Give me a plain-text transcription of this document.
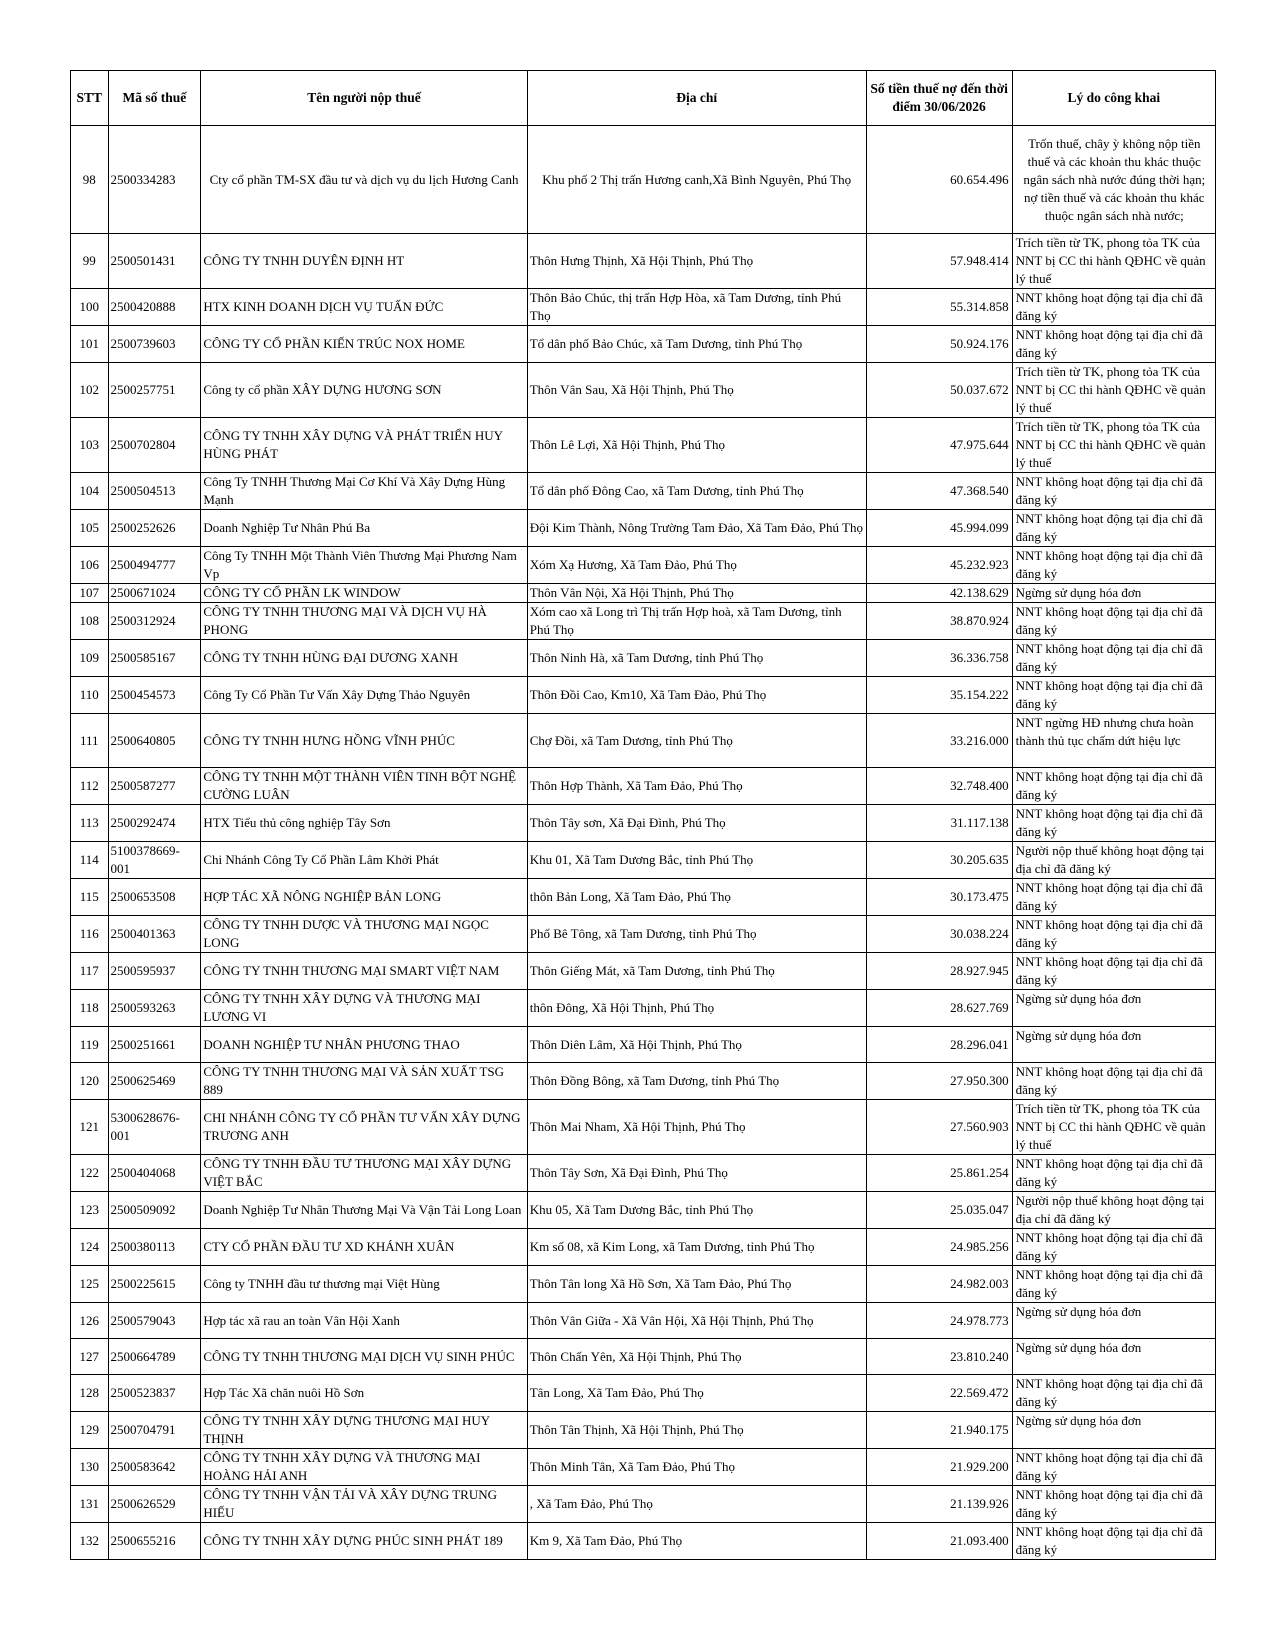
STT	Mã số thuế	Tên người nộp thuế	Địa chỉ	Số tiền thuế nợ đến thời điểm 30/06/2026	Lý do công khai
98	2500334283	Cty cổ phần TM-SX đầu tư và dịch vụ du lịch Hương Canh	Khu phố 2 Thị trấn Hương canh,Xã Bình Nguyên, Phú Thọ	60.654.496	Trốn thuế, chây ỳ không nộp tiền thuế và các khoản thu khác thuộc ngân sách nhà nước đúng thời hạn; nợ tiền thuế và các khoản thu khác thuộc ngân sách nhà nước;
99	2500501431	CÔNG TY TNHH DUYÊN ĐỊNH HT	Thôn Hưng Thịnh, Xã Hội Thịnh, Phú Thọ	57.948.414	Trích tiền từ TK, phong tỏa TK của NNT bị CC thi hành QĐHC về quản lý thuế
100	2500420888	HTX KINH DOANH DỊCH VỤ TUẤN ĐỨC	Thôn Bảo Chúc, thị trấn Hợp Hòa, xã Tam Dương, tỉnh Phú Thọ	55.314.858	NNT không hoạt động tại địa chỉ đã đăng ký
101	2500739603	CÔNG TY CỔ PHẦN KIẾN TRÚC NOX HOME	Tổ dân phố Bảo Chúc, xã Tam Dương, tỉnh Phú Thọ	50.924.176	NNT không hoạt động tại địa chỉ đã đăng ký
102	2500257751	Công ty cổ phần XÂY DỰNG HƯƠNG SƠN	Thôn Vân Sau, Xã Hội Thịnh, Phú Thọ	50.037.672	Trích tiền từ TK, phong tỏa TK của NNT bị CC thi hành QĐHC về quản lý thuế
103	2500702804	CÔNG TY TNHH XÂY DỰNG VÀ PHÁT TRIỂN HUY HÙNG PHÁT	Thôn Lê Lợi, Xã Hội Thịnh, Phú Thọ	47.975.644	Trích tiền từ TK, phong tỏa TK của NNT bị CC thi hành QĐHC về quản lý thuế
104	2500504513	Công Ty TNHH Thương Mại Cơ Khí Và Xây Dựng Hùng Mạnh	Tổ dân phố Đông Cao, xã Tam Dương, tỉnh Phú Thọ	47.368.540	NNT không hoạt động tại địa chỉ đã đăng ký
105	2500252626	Doanh Nghiệp Tư Nhân Phú Ba	Đội Kim Thành, Nông Trường Tam Đảo, Xã Tam Đảo, Phú Thọ	45.994.099	NNT không hoạt động tại địa chỉ đã đăng ký
106	2500494777	Công Ty TNHH Một Thành Viên Thương Mại Phương Nam Vp	Xóm Xạ Hương, Xã Tam Đảo, Phú Thọ	45.232.923	NNT không hoạt động tại địa chỉ đã đăng ký
107	2500671024	CÔNG TY CỔ PHẦN LK WINDOW	Thôn Vân Nội, Xã Hội Thịnh, Phú Thọ	42.138.629	Ngừng sử dụng hóa đơn
108	2500312924	CÔNG TY TNHH THƯƠNG MẠI VÀ DỊCH VỤ HÀ PHONG	Xóm cao xã Long trì Thị trấn Hợp hoà, xã Tam Dương, tỉnh Phú Thọ	38.870.924	NNT không hoạt động tại địa chỉ đã đăng ký
109	2500585167	CÔNG TY TNHH HÙNG ĐẠI DƯƠNG XANH	Thôn Ninh Hà, xã Tam Dương, tỉnh Phú Thọ	36.336.758	NNT không hoạt động tại địa chỉ đã đăng ký
110	2500454573	Công Ty Cổ Phần Tư Vấn Xây Dựng Thảo Nguyên	Thôn Đồi Cao, Km10, Xã Tam Đảo, Phú Thọ	35.154.222	NNT không hoạt động tại địa chỉ đã đăng ký
111	2500640805	CÔNG TY TNHH HƯNG HỒNG VĨNH PHÚC	Chợ Đồi, xã Tam Dương, tỉnh Phú Thọ	33.216.000	NNT ngừng HĐ nhưng chưa hoàn thành thủ tục chấm dứt hiệu lực
112	2500587277	CÔNG TY TNHH MỘT THÀNH VIÊN TINH BỘT NGHỆ CƯỜNG LUÂN	Thôn Hợp Thành, Xã Tam Đảo, Phú Thọ	32.748.400	NNT không hoạt động tại địa chỉ đã đăng ký
113	2500292474	HTX Tiểu thủ công nghiệp Tây Sơn	Thôn Tây sơn, Xã Đại Đình, Phú Thọ	31.117.138	NNT không hoạt động tại địa chỉ đã đăng ký
114	5100378669-001	Chi Nhánh Công Ty Cổ Phần Lâm Khởi Phát	Khu 01, Xã Tam Dương Bắc, tỉnh Phú Thọ	30.205.635	Người nộp thuế không hoạt động tại địa chỉ đã đăng ký
115	2500653508	HỢP TÁC XÃ NÔNG NGHIỆP BẢN LONG	thôn Bản Long, Xã Tam Đảo, Phú Thọ	30.173.475	NNT không hoạt động tại địa chỉ đã đăng ký
116	2500401363	CÔNG TY TNHH DƯỢC VÀ THƯƠNG MẠI NGỌC LONG	Phố Bê Tông, xã Tam Dương, tỉnh Phú Thọ	30.038.224	NNT không hoạt động tại địa chỉ đã đăng ký
117	2500595937	CÔNG TY TNHH THƯƠNG MẠI SMART VIỆT NAM	Thôn Giếng Mát, xã Tam Dương, tỉnh Phú Thọ	28.927.945	NNT không hoạt động tại địa chỉ đã đăng ký
118	2500593263	CÔNG TY TNHH XÂY DỰNG VÀ THƯƠNG MẠI LƯƠNG VI	thôn Đông, Xã Hội Thịnh, Phú Thọ	28.627.769	Ngừng sử dụng hóa đơn
119	2500251661	DOANH NGHIỆP TƯ NHÂN PHƯƠNG THAO	Thôn Diên Lâm, Xã Hội Thịnh, Phú Thọ	28.296.041	Ngừng sử dụng hóa đơn
120	2500625469	CÔNG TY TNHH THƯƠNG MẠI VÀ SẢN XUẤT TSG 889	Thôn Đồng Bông, xã Tam Dương, tỉnh Phú Thọ	27.950.300	NNT không hoạt động tại địa chỉ đã đăng ký
121	5300628676-001	CHI NHÁNH CÔNG TY CỔ PHẦN TƯ VẤN XÂY DỰNG TRƯƠNG ANH	Thôn Mai Nham, Xã Hội Thịnh, Phú Thọ	27.560.903	Trích tiền từ TK, phong tỏa TK của NNT bị CC thi hành QĐHC về quản lý thuế
122	2500404068	CÔNG TY TNHH ĐẦU TƯ THƯƠNG MẠI XÂY DỰNG VIỆT BẮC	Thôn Tây Sơn, Xã Đại Đình, Phú Thọ	25.861.254	NNT không hoạt động tại địa chỉ đã đăng ký
123	2500509092	Doanh Nghiệp Tư Nhân Thương Mại Và Vận Tải Long Loan	Khu 05, Xã Tam Dương Bắc, tỉnh Phú Thọ	25.035.047	Người nộp thuế không hoạt động tại địa chỉ đã đăng ký
124	2500380113	CTY CỔ PHẦN ĐẦU TƯ XD KHÁNH XUÂN	Km số 08, xã Kim Long, xã Tam Dương, tỉnh Phú Thọ	24.985.256	NNT không hoạt động tại địa chỉ đã đăng ký
125	2500225615	Công ty TNHH đầu tư thương mại Việt Hùng	Thôn Tân long Xã Hồ Sơn, Xã Tam Đảo, Phú Thọ	24.982.003	NNT không hoạt động tại địa chỉ đã đăng ký
126	2500579043	Hợp tác xã rau an toàn Vân Hội Xanh	Thôn Vân Giữa - Xã Vân Hội, Xã Hội Thịnh, Phú Thọ	24.978.773	Ngừng sử dụng hóa đơn
127	2500664789	CÔNG TY TNHH THƯƠNG MẠI DỊCH VỤ SINH PHÚC	Thôn Chấn Yên, Xã Hội Thịnh, Phú Thọ	23.810.240	Ngừng sử dụng hóa đơn
128	2500523837	Hợp Tác Xã chăn nuôi Hồ Sơn	Tân Long, Xã Tam Đảo, Phú Thọ	22.569.472	NNT không hoạt động tại địa chỉ đã đăng ký
129	2500704791	CÔNG TY TNHH XÂY DỰNG THƯƠNG MẠI HUY THỊNH	Thôn Tân Thịnh, Xã Hội Thịnh, Phú Thọ	21.940.175	Ngừng sử dụng hóa đơn
130	2500583642	CÔNG TY TNHH XÂY DỰNG VÀ THƯƠNG MẠI HOÀNG HẢI ANH	Thôn Minh Tân, Xã Tam Đảo, Phú Thọ	21.929.200	NNT không hoạt động tại địa chỉ đã đăng ký
131	2500626529	CÔNG TY TNHH VẬN TẢI VÀ XÂY DỰNG TRUNG HIẾU	, Xã Tam Đảo, Phú Thọ	21.139.926	NNT không hoạt động tại địa chỉ đã đăng ký
132	2500655216	CÔNG TY TNHH XÂY DỰNG PHÚC SINH PHÁT 189	Km 9, Xã Tam Đảo, Phú Thọ	21.093.400	NNT không hoạt động tại địa chỉ đã đăng ký
